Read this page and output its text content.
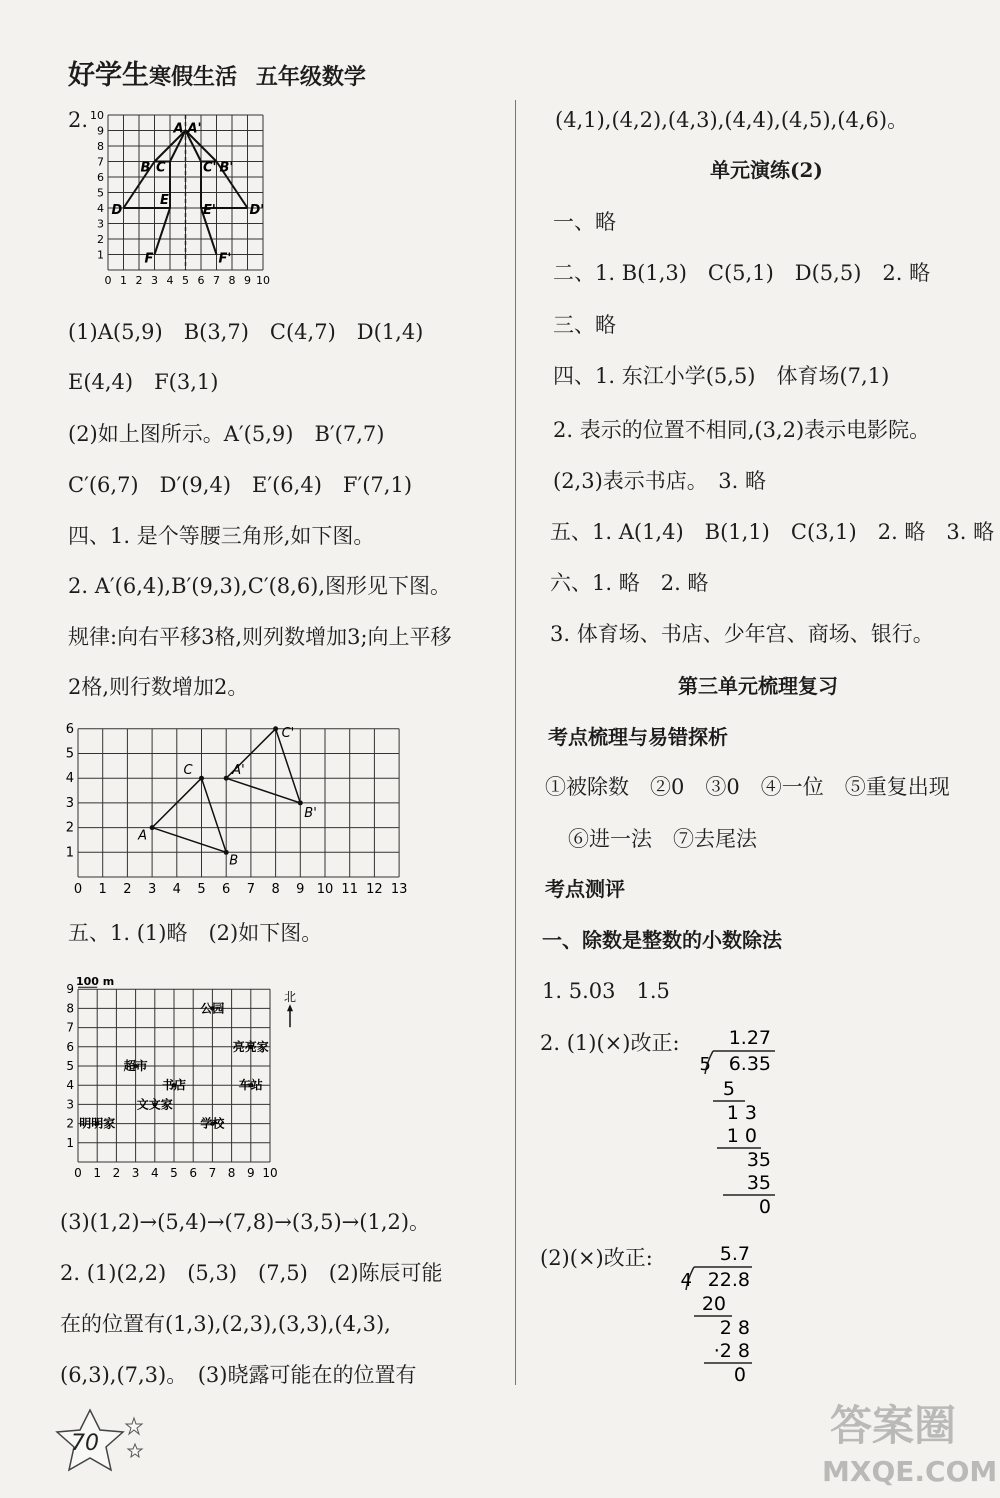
好学生寒假生活 五年级数学
2.
0 1 2 3 4 5 6 7 8 9 10
1
2
3
4
5
6
7
8
9
10
A A'
B	B'
C	C'
D	D'
E
E'
F	F'
(1)A(5,9)　B(3,7)　C(4,7)　D(1,4)
E(4,4)　F(3,1)
(2)如上图所示。A′(5,9)　B′(7,7)
C′(6,7)　D′(9,4)　E′(6,4)　F′(7,1)
四、1. 是个等腰三角形,如下图。
2. A′(6,4),B′(9,3),C′(8,6),图形见下图。
规律:向右平移3格,则列数增加3;向上平移
2格,则行数增加2。
0 1 2 3 4 5 6 7 8 9 10 11 12 13
1
2
3
4
5
6
A
B
C	A'
B'
C'
五、1. (1)略　(2)如下图。
0 1 2 3 4 5 6 7 8 9 10
1
2
3
4
5
6
7
8
9
100 m
北
公园
亮亮家
超市
车站
书店
文文家
明明家	学校
(3)(1,2)→(5,4)→(7,8)→(3,5)→(1,2)。
2. (1)(2,2)　(5,3)　(7,5)　(2)陈辰可能
在的位置有(1,3),(2,3),(3,3),(4,3),
(6,3),(7,3)。　(3)晓露可能在的位置有
70
(4,1),(4,2),(4,3),(4,4),(4,5),(4,6)。
单元演练(2)
一、略
二、1. B(1,3)　C(5,1)　D(5,5)　2. 略
三、略
四、1. 东江小学(5,5)　体育场(7,1)
2. 表示的位置不相同,(3,2)表示电影院。
(2,3)表示书店。　3. 略
五、1. A(1,4)　B(1,1)　C(3,1)　2. 略　3. 略
六、1. 略　2. 略
3. 体育场、书店、少年宫、商场、银行。
第三单元梳理复习
考点梳理与易错探析
①被除数　②0　③0　④一位　⑤重复出现
⑥进一法　⑦去尾法
考点测评
一、除数是整数的小数除法
1. 5.03　1.5
2. (1)(×)改正:	1.27
5 6.35
5
1 3
1 0
35
35
0
(2)(×)改正:	5.7
4 22.8
20
2 8
·2 8
0
答案圈
MXQE.COM
